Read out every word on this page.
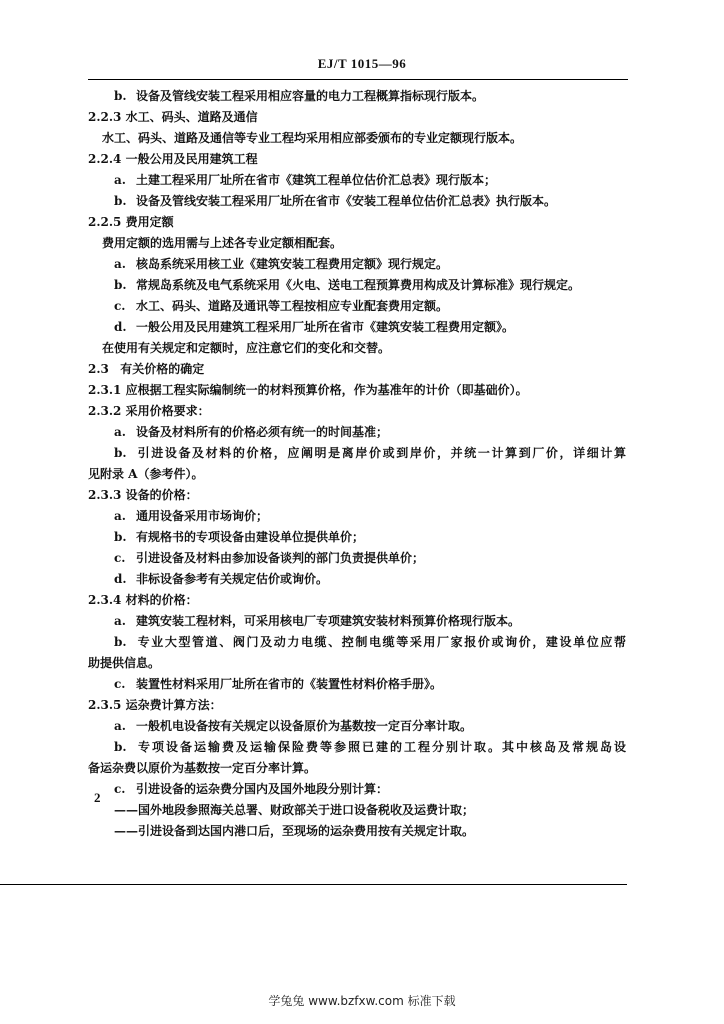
EJ/T 1015—96
b. 设备及管线安装工程采用相应容量的电力工程概算指标现行版本。
2.2.3 水工、码头、道路及通信
水工、码头、道路及通信等专业工程均采用相应部委颁布的专业定额现行版本。
2.2.4 一般公用及民用建筑工程
a. 土建工程采用厂址所在省市《建筑工程单位估价汇总表》现行版本；
b. 设备及管线安装工程采用厂址所在省市《安装工程单位估价汇总表》执行版本。
2.2.5 费用定额
费用定额的选用需与上述各专业定额相配套。
a. 核岛系统采用核工业《建筑安装工程费用定额》现行规定。
b. 常规岛系统及电气系统采用《火电、送电工程预算费用构成及计算标准》现行规定。
c. 水工、码头、道路及通讯等工程按相应专业配套费用定额。
d. 一般公用及民用建筑工程采用厂址所在省市《建筑安装工程费用定额》。
在使用有关规定和定额时，应注意它们的变化和交替。
2.3 有关价格的确定
2.3.1 应根据工程实际编制统一的材料预算价格，作为基准年的计价（即基础价）。
2.3.2 采用价格要求：
a. 设备及材料所有的价格必须有统一的时间基准；
b. 引进设备及材料的价格，应阐明是离岸价或到岸价，并统一计算到厂价，详细计算
见附录 A（参考件）。
2.3.3 设备的价格：
a. 通用设备采用市场询价；
b. 有规格书的专项设备由建设单位提供单价；
c. 引进设备及材料由参加设备谈判的部门负责提供单价；
d. 非标设备参考有关规定估价或询价。
2.3.4 材料的价格：
a. 建筑安装工程材料，可采用核电厂专项建筑安装材料预算价格现行版本。
b. 专业大型管道、阀门及动力电缆、控制电缆等采用厂家报价或询价，建设单位应帮
助提供信息。
c. 装置性材料采用厂址所在省市的《装置性材料价格手册》。
2.3.5 运杂费计算方法：
a. 一般机电设备按有关规定以设备原价为基数按一定百分率计取。
b. 专项设备运输费及运输保险费等参照已建的工程分别计取。其中核岛及常规岛设
备运杂费以原价为基数按一定百分率计算。
c. 引进设备的运杂费分国内及国外地段分别计算：
——国外地段参照海关总署、财政部关于进口设备税收及运费计取；
——引进设备到达国内港口后，至现场的运杂费用按有关规定计取。
2
学兔兔 www.bzfxw.com 标准下载
